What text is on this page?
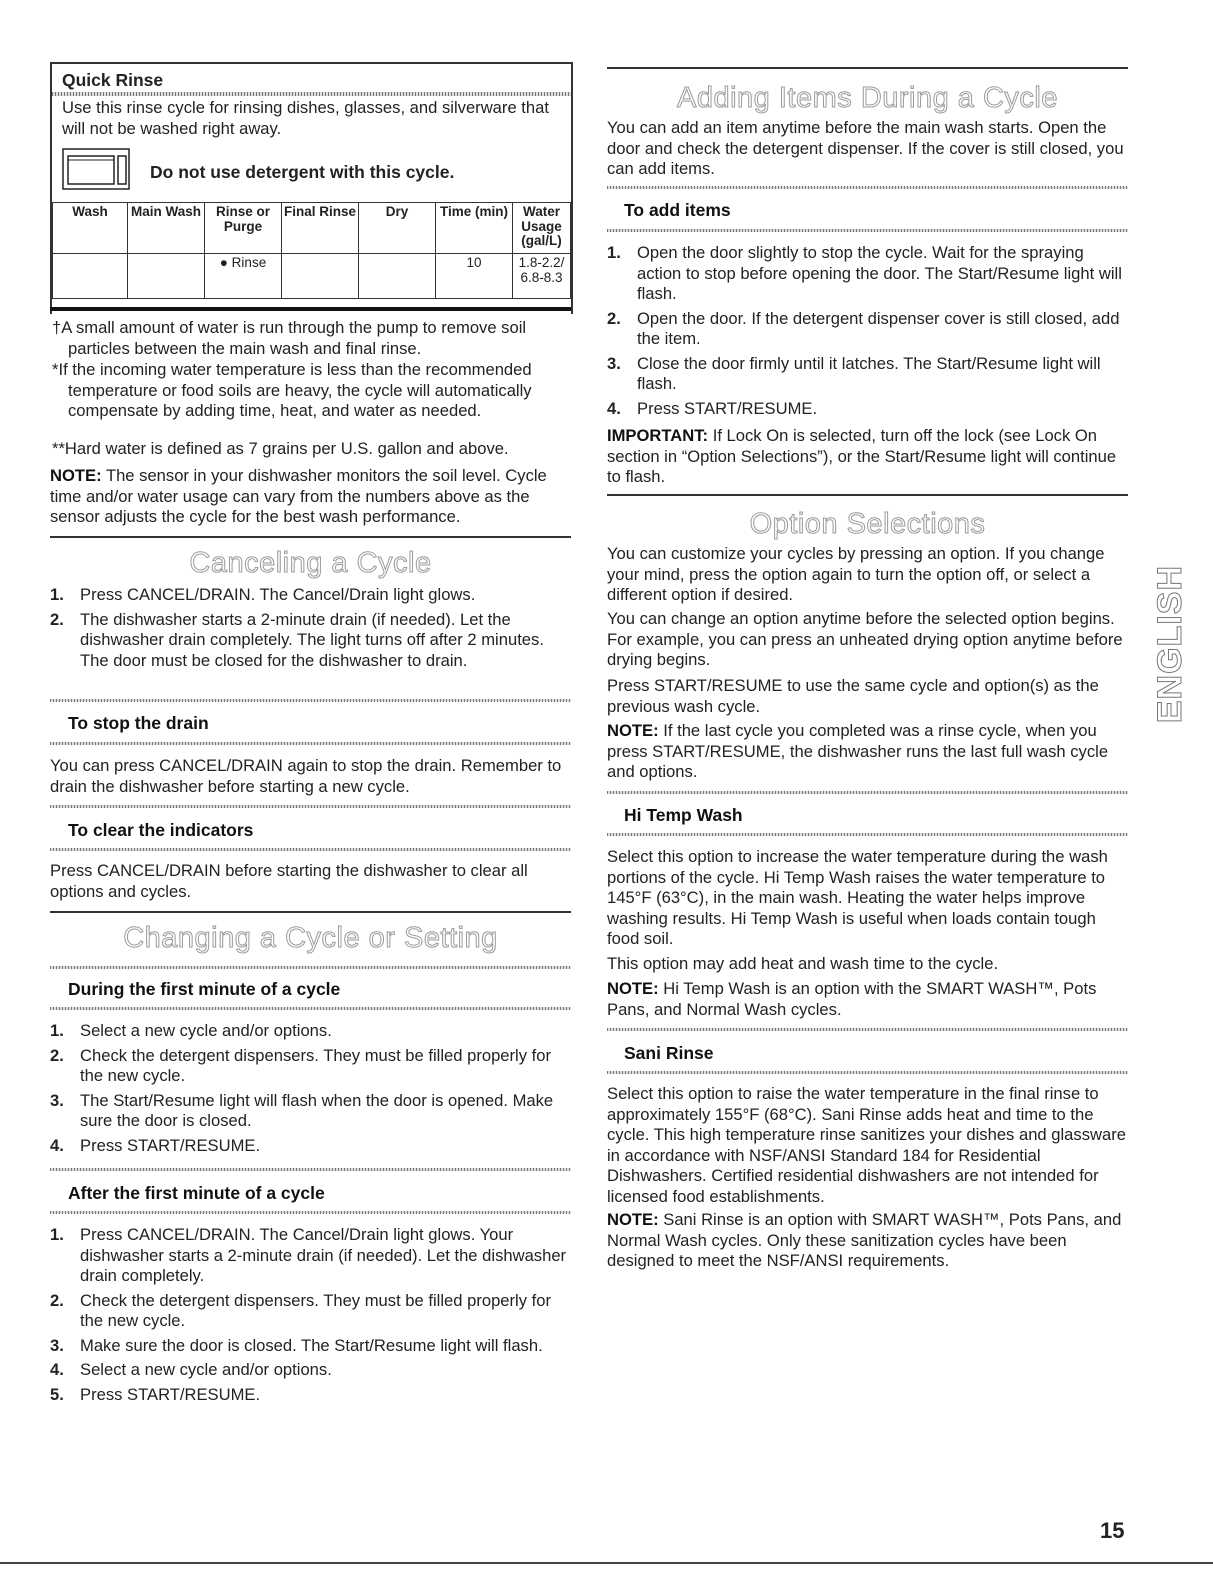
Quick Rinse

Use this rinse cycle for rinsing dishes, glasses, and silverware that will not be washed right away.

Do not use detergent with this cycle.
Wash	Main Wash	Rinse or Purge	Final Rinse	Dry	Time (min)	Water Usage (gal/L)
		● Rinse			10	1.8-2.2/ 6.8-8.3

†A small amount of water is run through the pump to remove soil particles between the main wash and final rinse.

*If the incoming water temperature is less than the recommended temperature or food soils are heavy, the cycle will automatically compensate by adding time, heat, and water as needed.

**Hard water is defined as 7 grains per U.S. gallon and above.

NOTE: The sensor in your dishwasher monitors the soil level. Cycle time and/or water usage can vary from the numbers above as the sensor adjusts the cycle for the best wash performance.

Canceling a Cycle
1. Press CANCEL/DRAIN. The Cancel/Drain light glows.
2. The dishwasher starts a 2-minute drain (if needed). Let the dishwasher drain completely. The light turns off after 2 minutes. The door must be closed for the dishwasher to drain.
To stop the drain

You can press CANCEL/DRAIN again to stop the drain. Remember to drain the dishwasher before starting a new cycle.

To clear the indicators

Press CANCEL/DRAIN before starting the dishwasher to clear all options and cycles.

Changing a Cycle or Setting
During the first minute of a cycle
1. Select a new cycle and/or options.
2. Check the detergent dispensers. They must be filled properly for the new cycle.
3. The Start/Resume light will flash when the door is opened. Make sure the door is closed.
4. Press START/RESUME.
After the first minute of a cycle
1. Press CANCEL/DRAIN. The Cancel/Drain light glows. Your dishwasher starts a 2-minute drain (if needed). Let the dishwasher drain completely.
2. Check the detergent dispensers. They must be filled properly for the new cycle.
3. Make sure the door is closed. The Start/Resume light will flash.
4. Select a new cycle and/or options.
5. Press START/RESUME.
Adding Items During a Cycle

You can add an item anytime before the main wash starts. Open the door and check the detergent dispenser. If the cover is still closed, you can add items.

To add items
1. Open the door slightly to stop the cycle. Wait for the spraying action to stop before opening the door. The Start/Resume light will flash.
2. Open the door. If the detergent dispenser cover is still closed, add the item.
3. Close the door firmly until it latches. The Start/Resume light will flash.
4. Press START/RESUME.

IMPORTANT: If Lock On is selected, turn off the lock (see Lock On section in “Option Selections”), or the Start/Resume light will continue to flash.

Option Selections

You can customize your cycles by pressing an option. If you change your mind, press the option again to turn the option off, or select a different option if desired.

You can change an option anytime before the selected option begins. For example, you can press an unheated drying option anytime before drying begins.

Press START/RESUME to use the same cycle and option(s) as the previous wash cycle.

NOTE: If the last cycle you completed was a rinse cycle, when you press START/RESUME, the dishwasher runs the last full wash cycle and options.

Hi Temp Wash

Select this option to increase the water temperature during the wash portions of the cycle. Hi Temp Wash raises the water temperature to 145°F (63°C), in the main wash. Heating the water helps improve washing results. Hi Temp Wash is useful when loads contain tough food soil.

This option may add heat and wash time to the cycle.

NOTE: Hi Temp Wash is an option with the SMART WASH™, Pots Pans, and Normal Wash cycles.

Sani Rinse

Select this option to raise the water temperature in the final rinse to approximately 155°F (68°C). Sani Rinse adds heat and time to the cycle. This high temperature rinse sanitizes your dishes and glassware in accordance with NSF/ANSI Standard 184 for Residential Dishwashers. Certified residential dishwashers are not intended for licensed food establishments.

NOTE: Sani Rinse is an option with SMART WASH™, Pots Pans, and Normal Wash cycles. Only these sanitization cycles have been designed to meet the NSF/ANSI requirements.

ENGLISH
15
